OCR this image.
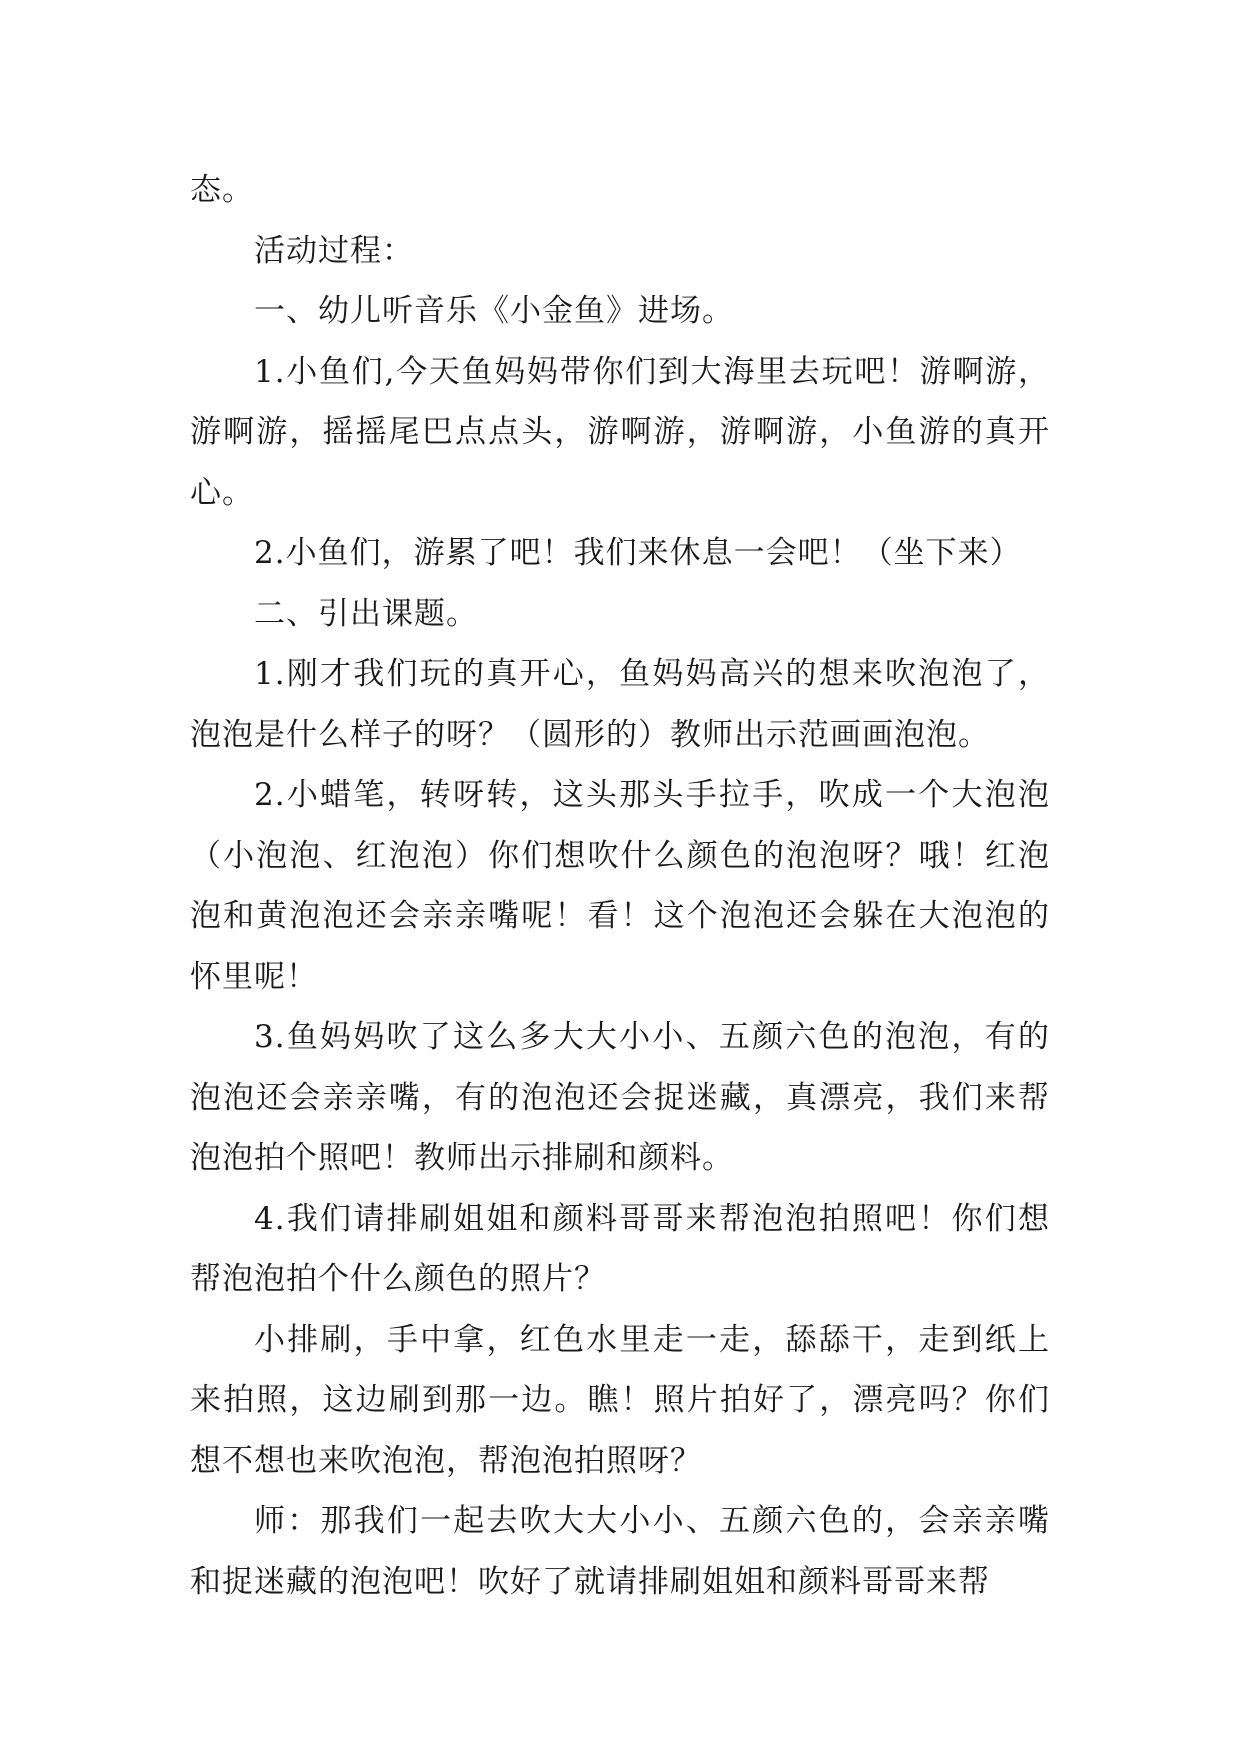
态。

活动过程：

一、幼儿听音乐《小金鱼》进场。

1.小鱼们,今天鱼妈妈带你们到大海里去玩吧！游啊游，游啊游，摇摇尾巴点点头，游啊游，游啊游，小鱼游的真开心。

2.小鱼们，游累了吧！我们来休息一会吧！（坐下来）

二、引出课题。

1.刚才我们玩的真开心，鱼妈妈高兴的想来吹泡泡了，泡泡是什么样子的呀？（圆形的）教师出示范画画泡泡。

2.小蜡笔，转呀转，这头那头手拉手，吹成一个大泡泡（小泡泡、红泡泡）你们想吹什么颜色的泡泡呀？哦！红泡泡和黄泡泡还会亲亲嘴呢！看！这个泡泡还会躲在大泡泡的怀里呢！

3.鱼妈妈吹了这么多大大小小、五颜六色的泡泡，有的泡泡还会亲亲嘴，有的泡泡还会捉迷藏，真漂亮，我们来帮泡泡拍个照吧！教师出示排刷和颜料。

4.我们请排刷姐姐和颜料哥哥来帮泡泡拍照吧！你们想帮泡泡拍个什么颜色的照片？

小排刷，手中拿，红色水里走一走，舔舔干，走到纸上来拍照，这边刷到那一边。瞧！照片拍好了，漂亮吗？你们想不想也来吹泡泡，帮泡泡拍照呀？

师：那我们一起去吹大大小小、五颜六色的，会亲亲嘴和捉迷藏的泡泡吧！吹好了就请排刷姐姐和颜料哥哥来帮
